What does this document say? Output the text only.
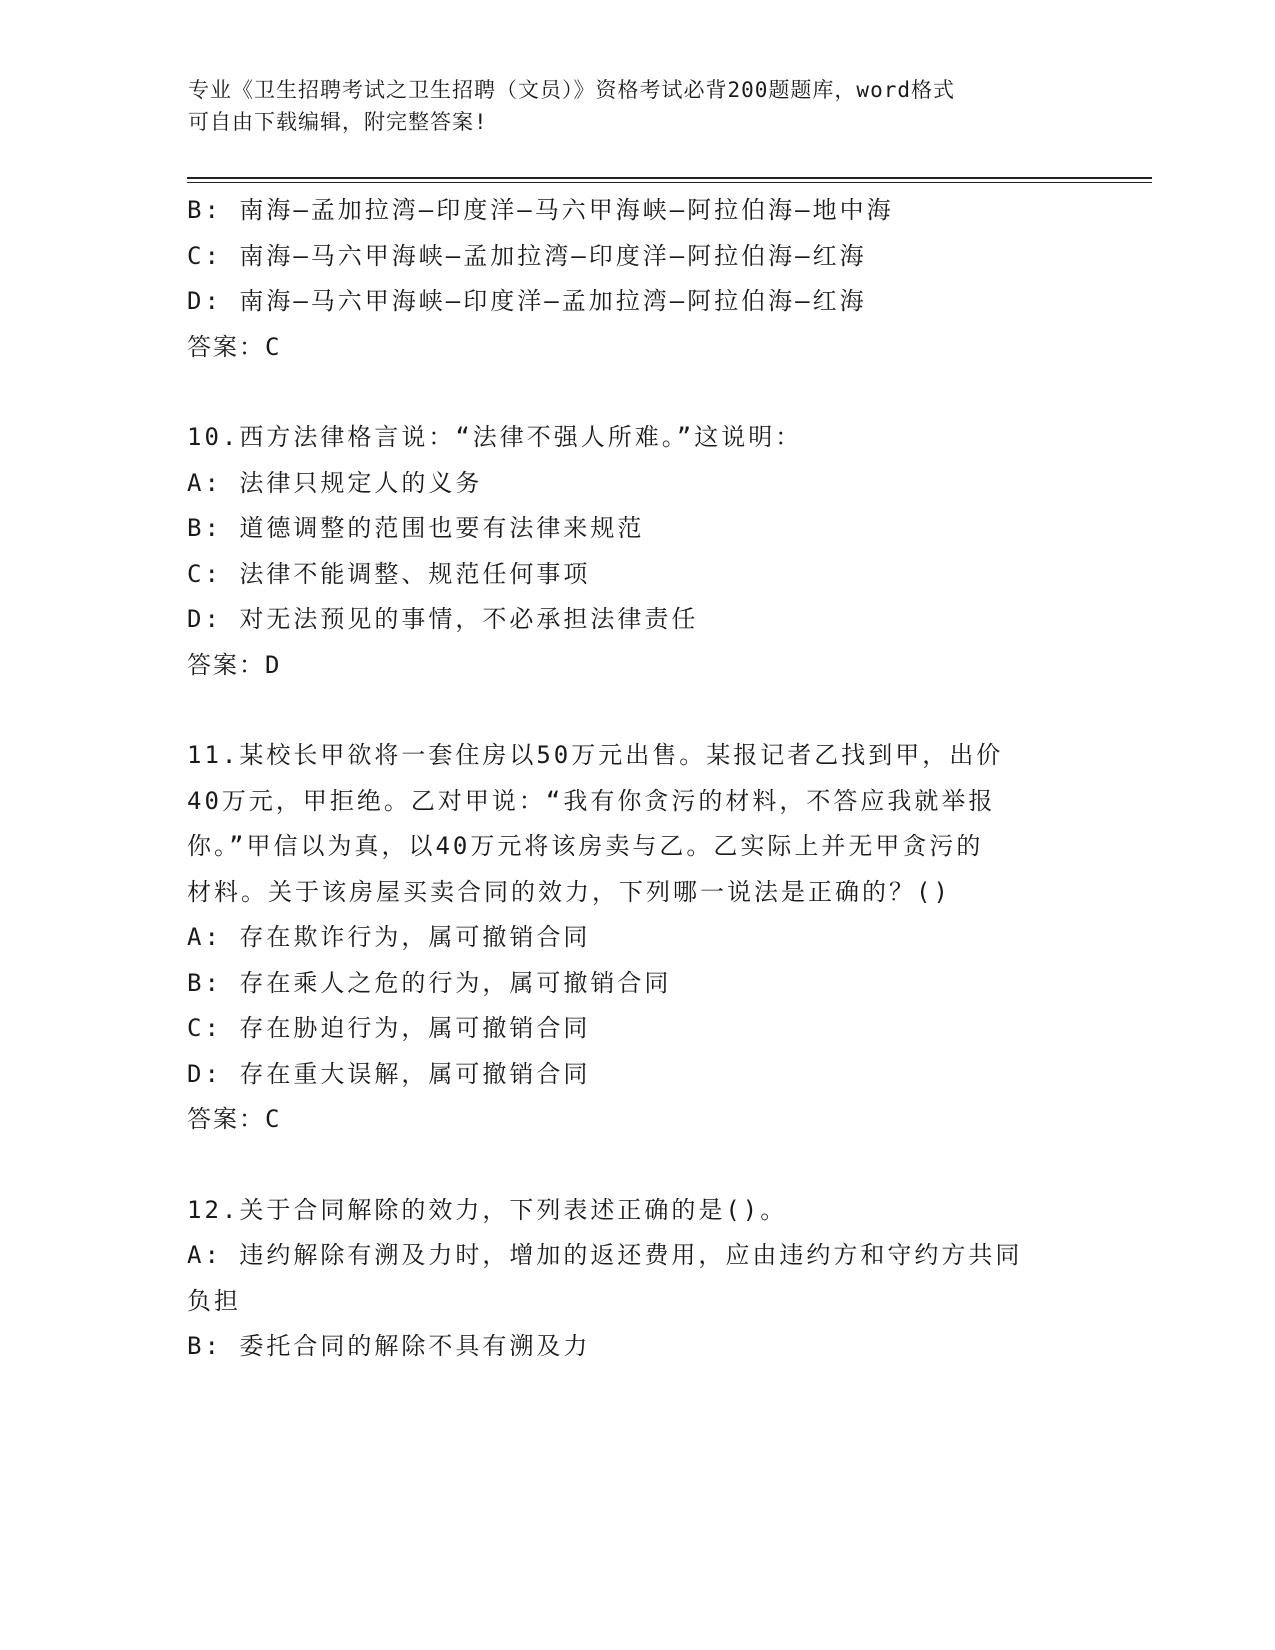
专业《卫生招聘考试之卫生招聘（文员）》资格考试必背200题题库，word格式
可自由下载编辑，附完整答案!
B: 南海—孟加拉湾—印度洋—马六甲海峡—阿拉伯海—地中海
C: 南海—马六甲海峡—孟加拉湾—印度洋—阿拉伯海—红海
D: 南海—马六甲海峡—印度洋—孟加拉湾—阿拉伯海—红海
答案：C
10.西方法律格言说：“法律不强人所难。”这说明：
A: 法律只规定人的义务
B: 道德调整的范围也要有法律来规范
C: 法律不能调整、规范任何事项
D: 对无法预见的事情，不必承担法律责任
答案：D
11.某校长甲欲将一套住房以50万元出售。某报记者乙找到甲，出价
40万元，甲拒绝。乙对甲说：“我有你贪污的材料，不答应我就举报
你。”甲信以为真，以40万元将该房卖与乙。乙实际上并无甲贪污的
材料。关于该房屋买卖合同的效力，下列哪一说法是正确的？()
A: 存在欺诈行为，属可撤销合同
B: 存在乘人之危的行为，属可撤销合同
C: 存在胁迫行为，属可撤销合同
D: 存在重大误解，属可撤销合同
答案：C
12.关于合同解除的效力，下列表述正确的是()。
A: 违约解除有溯及力时，增加的返还费用，应由违约方和守约方共同
负担
B: 委托合同的解除不具有溯及力
